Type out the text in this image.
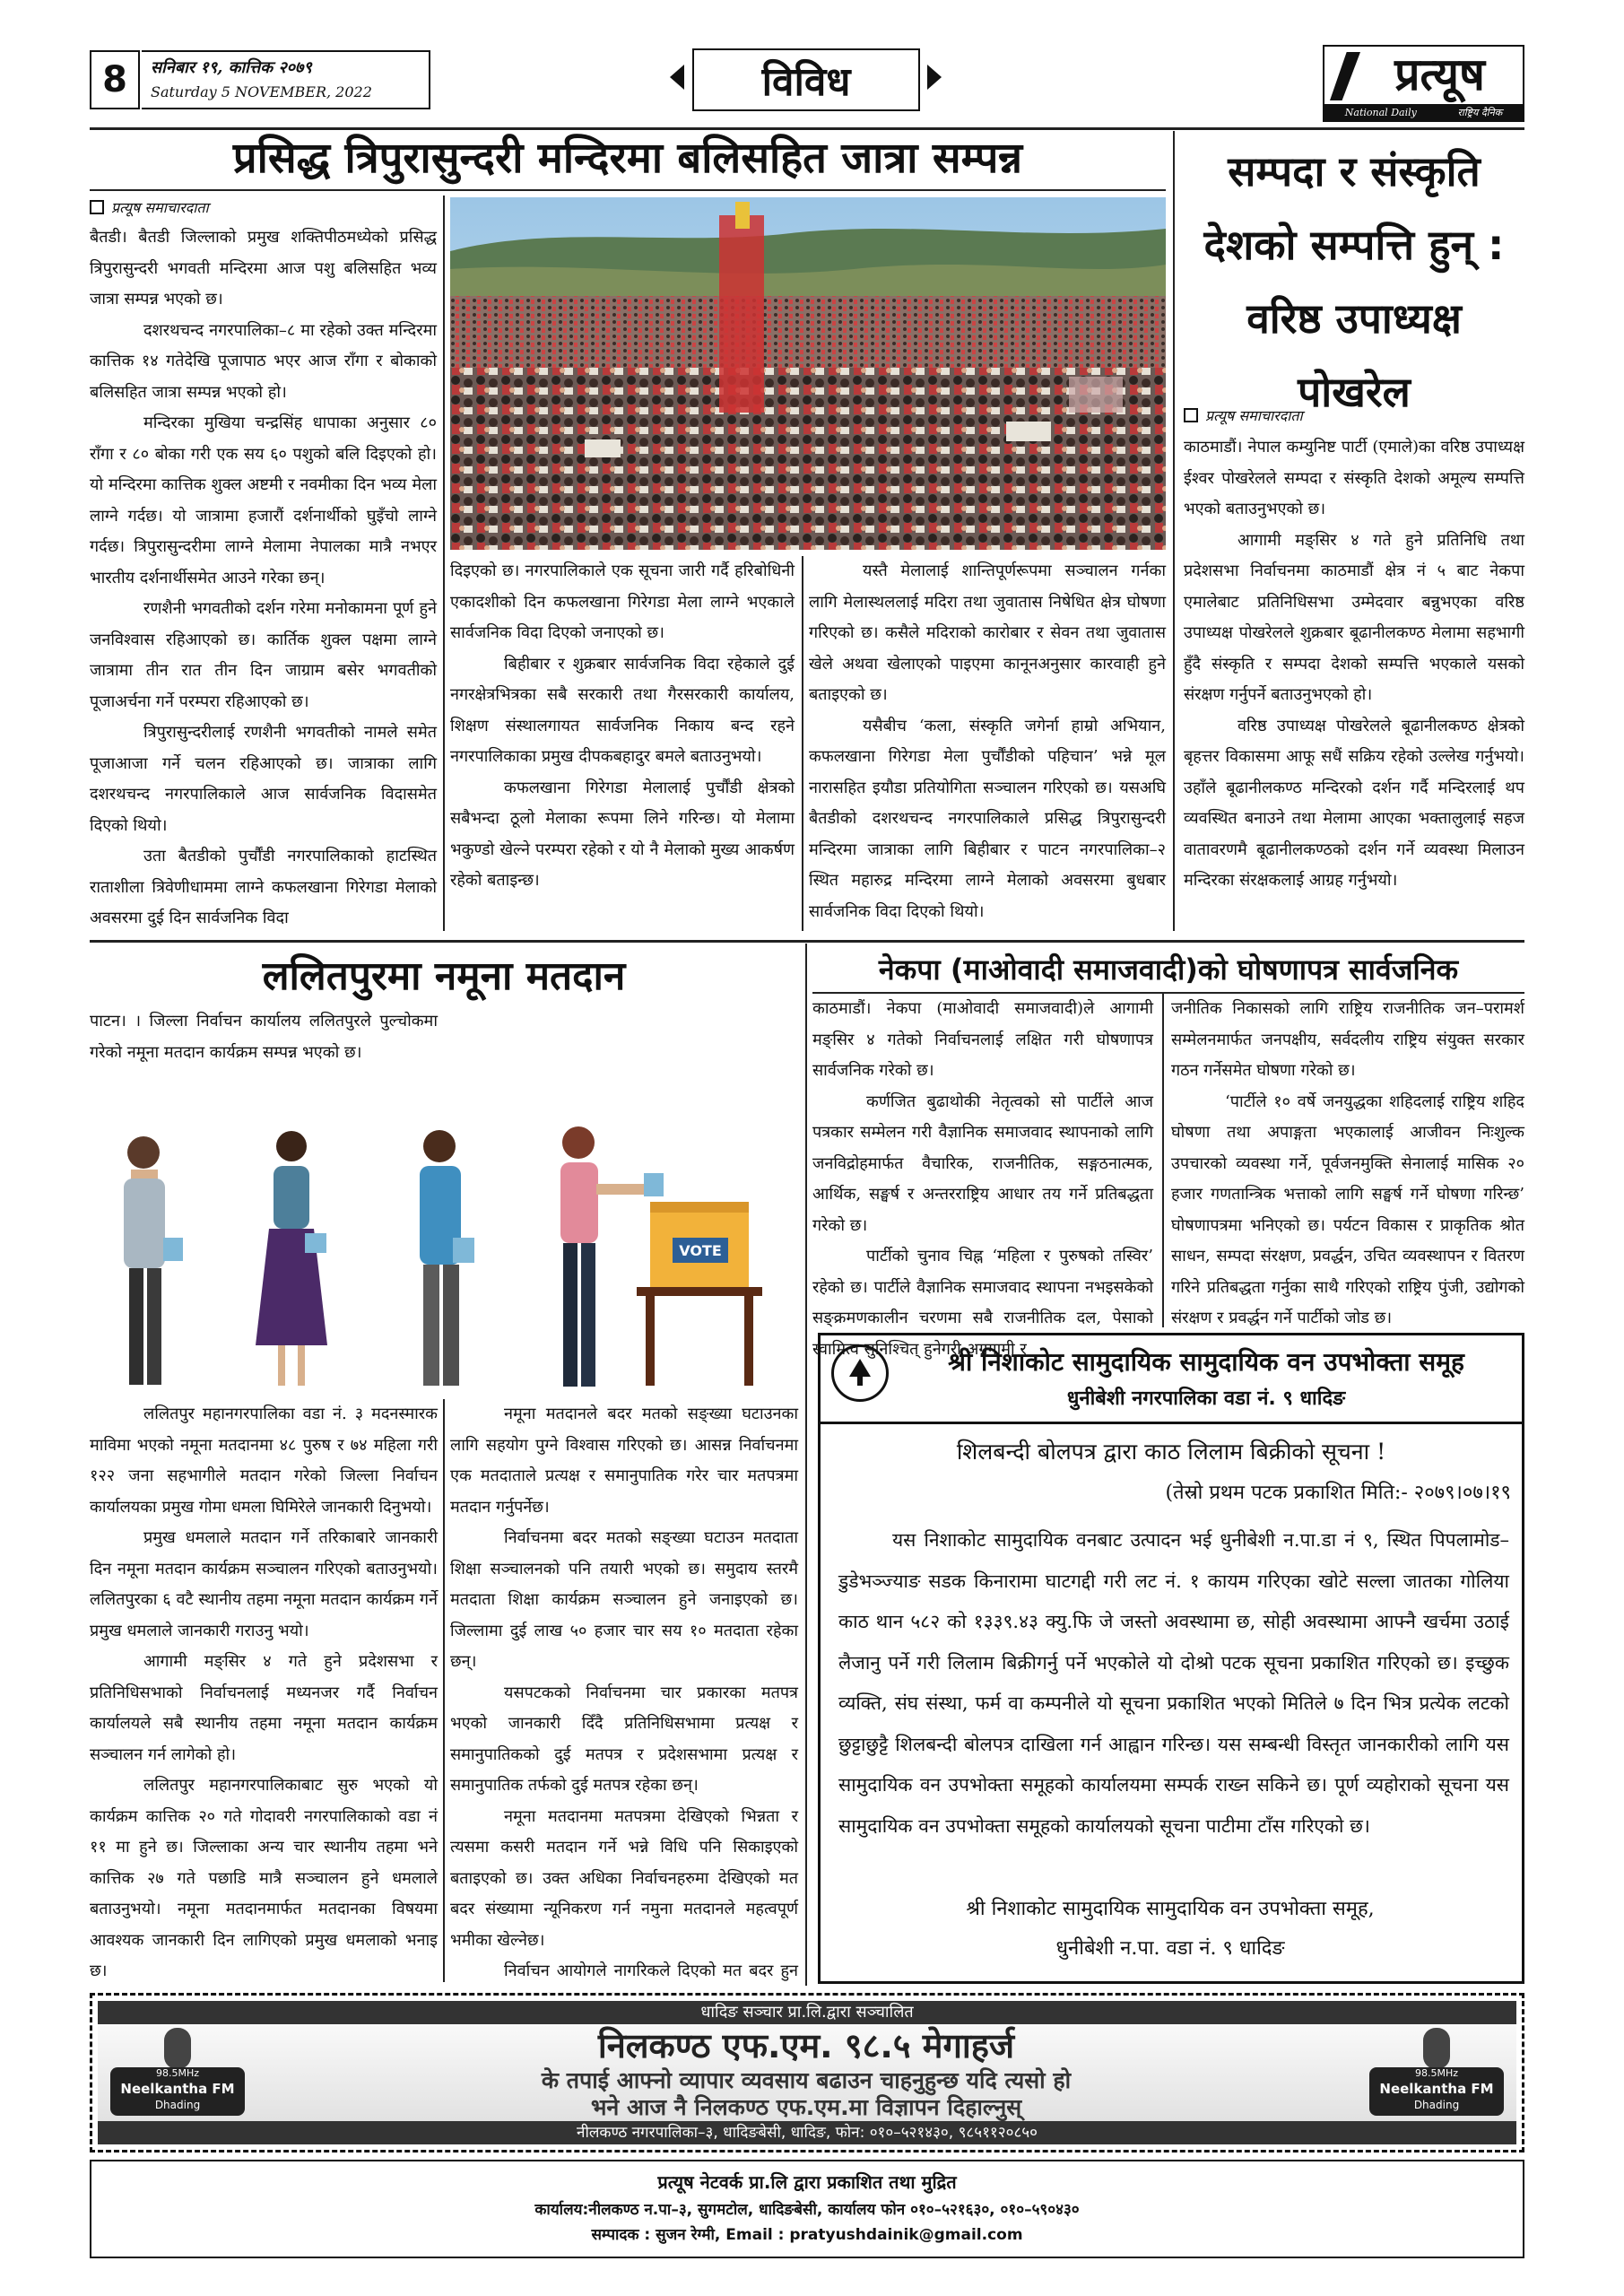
8 सनिबार १९, कात्तिक २०७९
Saturday 5 NOVEMBER, 2022	विविध	प्रत्यूष
National Daily	राष्ट्रिय दैनिक
प्रसिद्ध त्रिपुरासुन्दरी मन्दिरमा बलिसहित जात्रा सम्पन्न
प्रत्यूष समाचारदाता

बैतडी। बैतडी जिल्लाको प्रमुख शक्तिपीठमध्येको प्रसिद्ध त्रिपुरासुन्दरी भगवती मन्दिरमा आज पशु बलिसहित भव्य जात्रा सम्पन्न भएको छ।

दशरथचन्द नगरपालिका–८ मा रहेको उक्त मन्दिरमा कात्तिक १४ गतेदेखि पूजापाठ भएर आज राँगा र बोकाको बलिसहित जात्रा सम्पन्न भएको हो।

मन्दिरका मुखिया चन्द्रसिंह धापाका अनुसार ८० राँगा र ८० बोका गरी एक सय ६० पशुको बलि दिइएको हो। यो मन्दिरमा कात्तिक शुक्ल अष्टमी र नवमीका दिन भव्य मेला लाग्ने गर्दछ। यो जात्रामा हजारौं दर्शनार्थीको घुइँचो लाग्ने गर्दछ। त्रिपुरासुन्दरीमा लाग्ने मेलामा नेपालका मात्रै नभएर भारतीय दर्शनार्थीसमेत आउने गरेका छन्।

रणशैनी भगवतीको दर्शन गरेमा मनोकामना पूर्ण हुने जनविश्वास रहिआएको छ। कार्तिक शुक्ल पक्षमा लाग्ने जात्रामा तीन रात तीन दिन जाग्राम बसेर भगवतीको पूजाअर्चना गर्ने परम्परा रहिआएको छ।

त्रिपुरासुन्दरीलाई रणशैनी भगवतीको नामले समेत पूजाआजा गर्ने चलन रहिआएको छ। जात्राका लागि दशरथचन्द नगरपालिकाले आज सार्वजनिक विदासमेत दिएको थियो।

उता बैतडीको पुर्चौंडी नगरपालिकाको हाटस्थित राताशीला त्रिवेणीधाममा लाग्ने कफलखाना गिरेगडा मेलाको अवसरमा दुई दिन सार्वजनिक विदा

दिइएको छ। नगरपालिकाले एक सूचना जारी गर्दै हरिबोधिनी एकादशीको दिन कफलखाना गिरेगडा मेला लाग्ने भएकाले सार्वजनिक विदा दिएको जनाएको छ।

बिहीबार र शुक्रबार सार्वजनिक विदा रहेकाले दुई नगरक्षेत्रभित्रका सबै सरकारी तथा गैरसरकारी कार्यालय, शिक्षण संस्थालगायत सार्वजनिक निकाय बन्द रहने नगरपालिकाका प्रमुख दीपकबहादुर बमले बताउनुभयो।

कफलखाना गिरेगडा मेलालाई पुर्चौंडी क्षेत्रको सबैभन्दा ठूलो मेलाका रूपमा लिने गरिन्छ। यो मेलामा भकुण्डो खेल्ने परम्परा रहेको र यो नै मेलाको मुख्य आकर्षण रहेको बताइन्छ।

यस्तै मेलालाई शान्तिपूर्णरूपमा सञ्चालन गर्नका लागि मेलास्थललाई मदिरा तथा जुवातास निषेधित क्षेत्र घोषणा गरिएको छ। कसैले मदिराको कारोबार र सेवन तथा जुवातास खेले अथवा खेलाएको पाइएमा कानूनअनुसार कारवाही हुने बताइएको छ।

यसैबीच ‘कला, संस्कृति जगेर्ना हाम्रो अभियान, कफलखाना गिरेगडा मेला पुर्चौंडीको पहिचान’ भन्ने मूल नारासहित इयौडा प्रतियोगिता सञ्चालन गरिएको छ। यसअघि बैतडीको दशरथचन्द नगरपालिकाले प्रसिद्ध त्रिपुरासुन्दरी मन्दिरमा जात्राका लागि बिहीबार र पाटन नगरपालिका–२ स्थित महारुद्र मन्दिरमा लाग्ने मेलाको अवसरमा बुधबार सार्वजनिक विदा दिएको थियो।

सम्पदा र संस्कृति देशको सम्पत्ति हुन् : वरिष्ठ उपाध्यक्ष पोखरेल
प्रत्यूष समाचारदाता

काठमाडौं। नेपाल कम्युनिष्ट पार्टी (एमाले)का वरिष्ठ उपाध्यक्ष ईश्वर पोखरेलले सम्पदा र संस्कृति देशको अमूल्य सम्पत्ति भएको बताउनुभएको छ।

आगामी मङ्सिर ४ गते हुने प्रतिनिधि तथा प्रदेशसभा निर्वाचनमा काठमाडौं क्षेत्र नं ५ बाट नेकपा एमालेबाट प्रतिनिधिसभा उम्मेदवार बन्नुभएका वरिष्ठ उपाध्यक्ष पोखरेलले शुक्रबार बूढानीलकण्ठ मेलामा सहभागी हुँदै संस्कृति र सम्पदा देशको सम्पत्ति भएकाले यसको संरक्षण गर्नुपर्ने बताउनुभएको हो।

वरिष्ठ उपाध्यक्ष पोखरेलले बूढानीलकण्ठ क्षेत्रको बृहत्तर विकासमा आफू सधैं सक्रिय रहेको उल्लेख गर्नुभयो। उहाँले बूढानीलकण्ठ मन्दिरको दर्शन गर्दै मन्दिरलाई थप व्यवस्थित बनाउने तथा मेलामा आएका भक्तालुलाई सहज वातावरणमै बूढानीलकण्ठको दर्शन गर्ने व्यवस्था मिलाउन मन्दिरका संरक्षकलाई आग्रह गर्नुभयो।

ललितपुरमा नमूना मतदान

पाटन। । जिल्ला निर्वाचन कार्यालय ललितपुरले पुल्चोकमा गरेको नमूना मतदान कार्यक्रम सम्पन्न भएको छ।

VOTE

ललितपुर महानगरपालिका वडा नं. ३ मदनस्मारक माविमा भएको नमूना मतदानमा ४८ पुरुष र ७४ महिला गरी १२२ जना सहभागीले मतदान गरेको जिल्ला निर्वाचन कार्यालयका प्रमुख गोमा धमला घिमिरेले जानकारी दिनुभयो।

प्रमुख धमलाले मतदान गर्ने तरिकाबारे जानकारी दिन नमूना मतदान कार्यक्रम सञ्चालन गरिएको बताउनुभयो। ललितपुरका ६ वटै स्थानीय तहमा नमूना मतदान कार्यक्रम गर्ने प्रमुख धमलाले जानकारी गराउनु भयो।

आगामी मङ्सिर ४ गते हुने प्रदेशसभा र प्रतिनिधिसभाको निर्वाचनलाई मध्यनजर गर्दै निर्वाचन कार्यालयले सबै स्थानीय तहमा नमूना मतदान कार्यक्रम सञ्चालन गर्न लागेको हो।

ललितपुर महानगरपालिकाबाट सुरु भएको यो कार्यक्रम कात्तिक २० गते गोदावरी नगरपालिकाको वडा नं ११ मा हुने छ। जिल्लाका अन्य चार स्थानीय तहमा भने कात्तिक २७ गते पछाडि मात्रै सञ्चालन हुने धमलाले बताउनुभयो। नमूना मतदानमार्फत मतदानका विषयमा आवश्यक जानकारी दिन लागिएको प्रमुख धमलाको भनाइ छ।

नमूना मतदानले बदर मतको सङ्ख्या घटाउनका लागि सहयोग पुग्ने विश्वास गरिएको छ। आसन्न निर्वाचनमा एक मतदाताले प्रत्यक्ष र समानुपातिक गरेर चार मतपत्रमा मतदान गर्नुपर्नेछ।

निर्वाचनमा बदर मतको सङ्ख्या घटाउन मतदाता शिक्षा सञ्चालनको पनि तयारी भएको छ। समुदाय स्तरमै मतदाता शिक्षा कार्यक्रम सञ्चालन हुने जनाइएको छ। जिल्लामा दुई लाख ५० हजार चार सय १० मतदाता रहेका छन्।

यसपटकको निर्वाचनमा चार प्रकारका मतपत्र भएको जानकारी दिँदै प्रतिनिधिसभामा प्रत्यक्ष र समानुपातिकको दुई मतपत्र र प्रदेशसभामा प्रत्यक्ष र समानुपातिक तर्फको दुई मतपत्र रहेका छन्।

नमूना मतदानमा मतपत्रमा देखिएको भिन्नता र त्यसमा कसरी मतदान गर्ने भन्ने विधि पनि सिकाइएको बताइएको छ। उक्त अधिका निर्वाचनहरुमा देखिएको मत बदर संख्यामा न्यूनिकरण गर्न नमुना मतदानले महत्वपूर्ण भमीका खेल्नेछ।

निर्वाचन आयोगले नागरिकले दिएको मत बदर हुन

नेकपा (माओवादी समाजवादी)को घोषणापत्र सार्वजनिक

काठमाडौं। नेकपा (माओवादी समाजवादी)ले आगामी मङ्सिर ४ गतेको निर्वाचनलाई लक्षित गरी घोषणापत्र सार्वजनिक गरेको छ।

कर्णजित बुढाथोकी नेतृत्वको सो पार्टीले आज पत्रकार सम्मेलन गरी वैज्ञानिक समाजवाद स्थापनाको लागि जनविद्रोहमार्फत वैचारिक, राजनीतिक, सङ्गठनात्मक, आर्थिक, सङ्घर्ष र अन्तरराष्ट्रिय आधार तय गर्ने प्रतिबद्धता गरेको छ।

पार्टीको चुनाव चिह्न ‘महिला र पुरुषको तस्विर’ रहेको छ। पार्टीले वैज्ञानिक समाजवाद स्थापना नभइसकेको सङ्क्रमणकालीन चरणमा सबै राजनीतिक दल, पेसाको स्वामित्व सुनिश्चित् हुनेगरी अग्रगामी र

जनीतिक निकासको लागि राष्ट्रिय राजनीतिक जन–परामर्श सम्मेलनमार्फत जनपक्षीय, सर्वदलीय राष्ट्रिय संयुक्त सरकार गठन गर्नेसमेत घोषणा गरेको छ।

‘पार्टीले १० वर्षे जनयुद्धका शहिदलाई राष्ट्रिय शहिद घोषणा तथा अपाङ्गता भएकालाई आजीवन निःशुल्क उपचारको व्यवस्था गर्ने, पूर्वजनमुक्ति सेनालाई मासिक २० हजार गणतान्त्रिक भत्ताको लागि सङ्घर्ष गर्ने घोषणा गरिन्छ’ घोषणापत्रमा भनिएको छ। पर्यटन विकास र प्राकृतिक श्रोत साधन, सम्पदा संरक्षण, प्रवर्द्धन, उचित व्यवस्थापन र वितरण गरिने प्रतिबद्धता गर्नुका साथै गरिएको राष्ट्रिय पुंजी, उद्योगको संरक्षण र प्रवर्द्धन गर्ने पार्टीको जोड छ।

श्री निशाकोट सामुदायिक सामुदायिक वन उपभोक्ता समूह
धुनीबेशी नगरपालिका वडा नं. ९ धादिङ
शिलबन्दी बोलपत्र द्वारा काठ लिलाम बिक्रीको सूचना !
(तेस्रो प्रथम पटक प्रकाशित मिति:- २०७९।०७।१९
यस निशाकोट सामुदायिक वनबाट उत्पादन भई धुनीबेशी न.पा.डा नं ९, स्थित पिपलामोड–डुडेभञ्ज्याङ सडक किनारामा घाटगद्दी गरी लट नं. १ कायम गरिएका खोटे सल्ला जातका गोलिया काठ थान ५८२ को १३३९.४३ क्यु.फि जे जस्तो अवस्थामा छ, सोही अवस्थामा आफ्नै खर्चमा उठाई लैजानु पर्ने गरी लिलाम बिक्रीगर्नु पर्ने भएकोले यो दोश्रो पटक सूचना प्रकाशित गरिएको छ। इच्छुक व्यक्ति, संघ संस्था, फर्म वा कम्पनीले यो सूचना प्रकाशित भएको मितिले ७ दिन भित्र प्रत्येक लटको छुट्टाछुट्टै शिलबन्दी बोलपत्र दाखिला गर्न आह्वान गरिन्छ। यस सम्बन्धी विस्तृत जानकारीको लागि यस सामुदायिक वन उपभोक्ता समूहको कार्यालयमा सम्पर्क राख्न सकिने छ। पूर्ण व्यहोराको सूचना यस सामुदायिक वन उपभोक्ता समूहको कार्यालयको सूचना पाटीमा टाँस गरिएको छ।
श्री निशाकोट सामुदायिक सामुदायिक वन उपभोक्ता समूह,
धुनीबेशी न.पा. वडा नं. ९ धादिङ
धादिङ सञ्चार प्रा.लि.द्वारा सञ्चालित
निलकण्ठ एफ.एम. ९८.५ मेगाहर्ज
के तपाई आफ्नो व्यापार व्यवसाय बढाउन चाहनुहुन्छ यदि त्यसो हो
भने आज नै निलकण्ठ एफ.एम.मा विज्ञापन दिहाल्नुस्
नीलकण्ठ नगरपालिका–३, धादिङबेसी, धादिङ, फोन: ०१०–५२१४३०, ९८५११२०८५०
98.5MHz
Neelkantha FM
Dhading
98.5MHz
Neelkantha FM
Dhading
प्रत्यूष नेटवर्क प्रा.लि द्वारा प्रकाशित तथा मुद्रित
कार्यालय:नीलकण्ठ न.पा–३, सुगमटोल, धादिङबेसी, कार्यालय फोन ०१०–५२१६३०, ०१०–५९०४३०
सम्पादक : सुजन रेग्मी, Email : pratyushdainik@gmail.com
